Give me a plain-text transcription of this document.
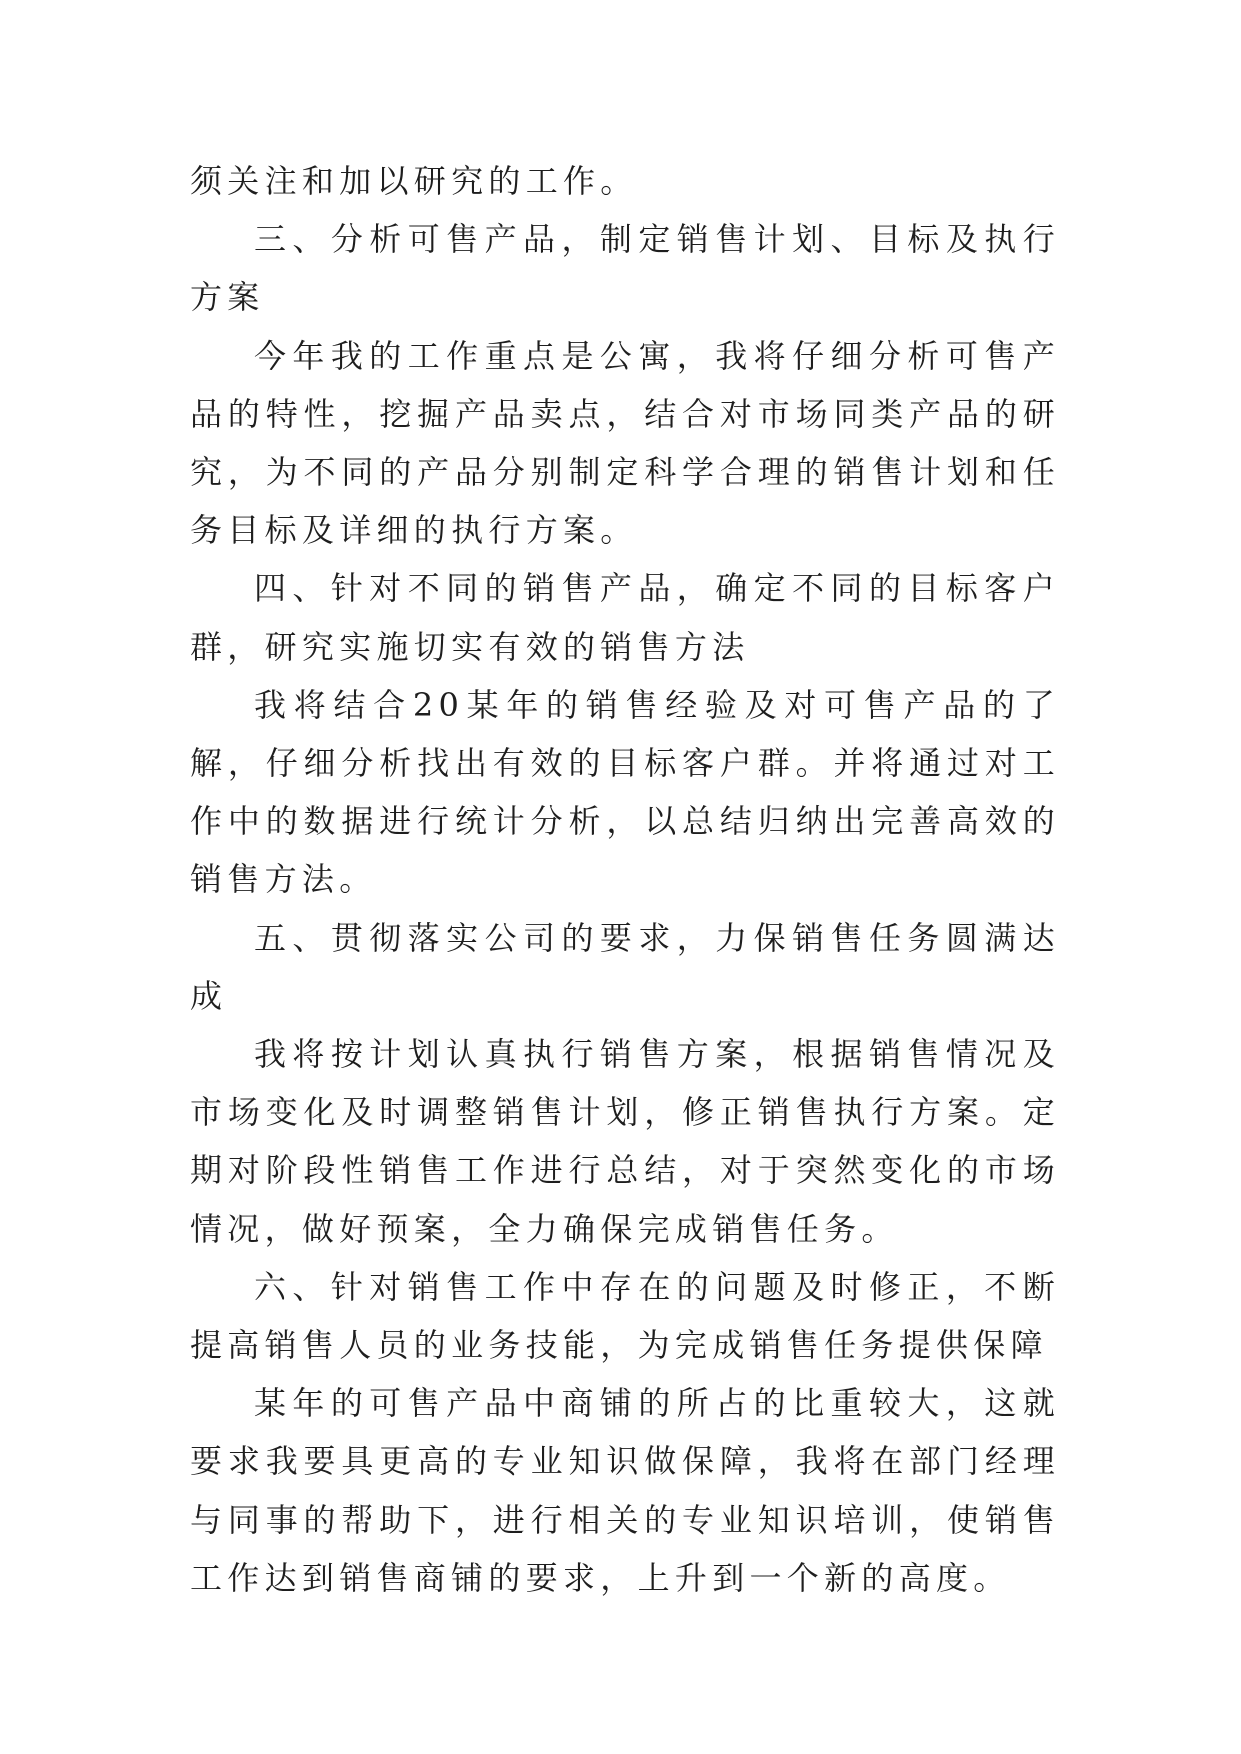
须关注和加以研究的工作。

三、分析可售产品，制定销售计划、目标及执行方案

今年我的工作重点是公寓，我将仔细分析可售产品的特性，挖掘产品卖点，结合对市场同类产品的研究，为不同的产品分别制定科学合理的销售计划和任务目标及详细的执行方案。

四、针对不同的销售产品，确定不同的目标客户群，研究实施切实有效的销售方法

我将结合20某年的销售经验及对可售产品的了解，仔细分析找出有效的目标客户群。并将通过对工作中的数据进行统计分析，以总结归纳出完善高效的销售方法。

五、贯彻落实公司的要求，力保销售任务圆满达成

我将按计划认真执行销售方案，根据销售情况及市场变化及时调整销售计划，修正销售执行方案。定期对阶段性销售工作进行总结，对于突然变化的市场情况，做好预案，全力确保完成销售任务。

六、针对销售工作中存在的问题及时修正，不断提高销售人员的业务技能，为完成销售任务提供保障

某年的可售产品中商铺的所占的比重较大，这就要求我要具更高的专业知识做保障，我将在部门经理与同事的帮助下，进行相关的专业知识培训，使销售工作达到销售商铺的要求，上升到一个新的高度。
